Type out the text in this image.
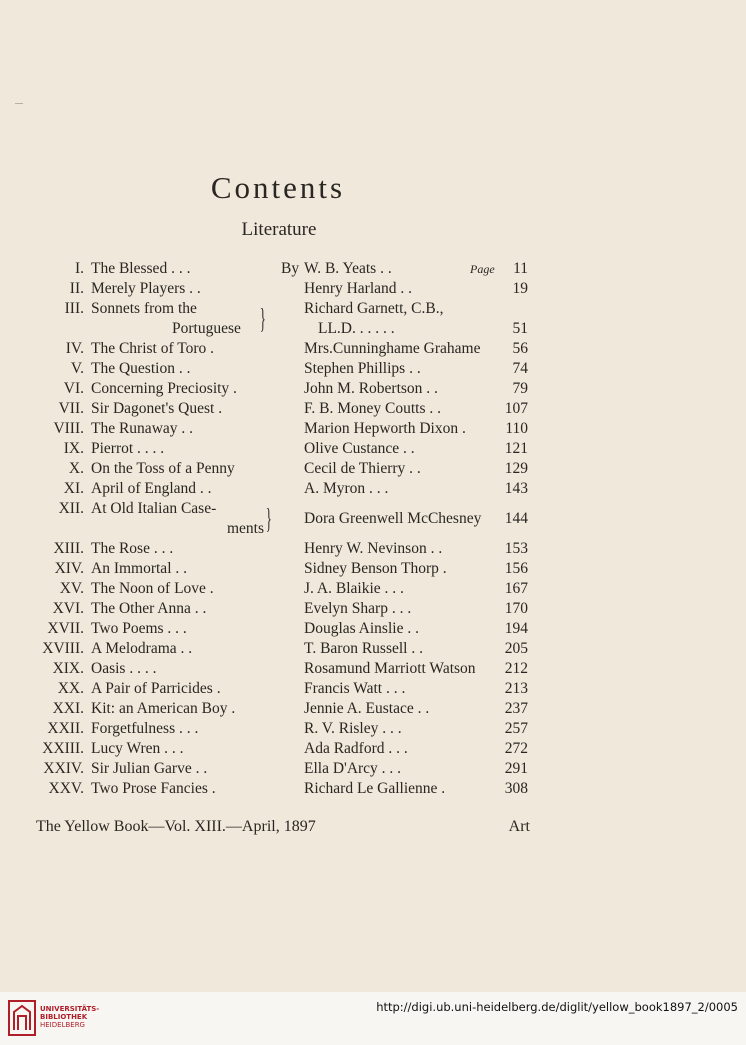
Contents
Literature
I. The Blessed . . .	By W. B. Yeats . .	11
Page
II. Merely Players . .	Henry Harland . .	19
III. Sonnets from the
Portuguese } Richard Garnett, C.B.,
LL.D. . . . . .	51
IV. The Christ of Toro .	Mrs.Cunninghame Grahame	56
V. The Question . .	Stephen Phillips . .	74
VI. Concerning Preciosity .	John M. Robertson . .	79
VII. Sir Dagonet's Quest .	F. B. Money Coutts . .	107
VIII. The Runaway . .	Marion Hepworth Dixon .	110
IX. Pierrot . . . .	Olive Custance . .	121
X. On the Toss of a Penny	Cecil de Thierry . .	129
XI. April of England . .	A. Myron . . .	143
XII. At Old Italian Case-
ments } Dora Greenwell McChesney	144
XIII. The Rose . . .	Henry W. Nevinson . .	153
XIV. An Immortal . .	Sidney Benson Thorp .	156
XV. The Noon of Love .	J. A. Blaikie . . .	167
XVI. The Other Anna . .	Evelyn Sharp . . .	170
XVII. Two Poems . . .	Douglas Ainslie . .	194
XVIII. A Melodrama . .	T. Baron Russell . .	205
XIX. Oasis . . . .	Rosamund Marriott Watson	212
XX. A Pair of Parricides .	Francis Watt . . .	213
XXI. Kit: an American Boy .	Jennie A. Eustace . .	237
XXII. Forgetfulness . . .	R. V. Risley . . .	257
XXIII. Lucy Wren . . .	Ada Radford . . .	272
XXIV. Sir Julian Garve . .	Ella D'Arcy . . .	291
XXV. Two Prose Fancies .	Richard Le Gallienne .	308
The Yellow Book—Vol. XIII.—April, 1897	Art
UNIVERSITÄTS-
BIBLIOTHEK
HEIDELBERG
http://digi.ub.uni-heidelberg.de/diglit/yellow_book1897_2/0005
